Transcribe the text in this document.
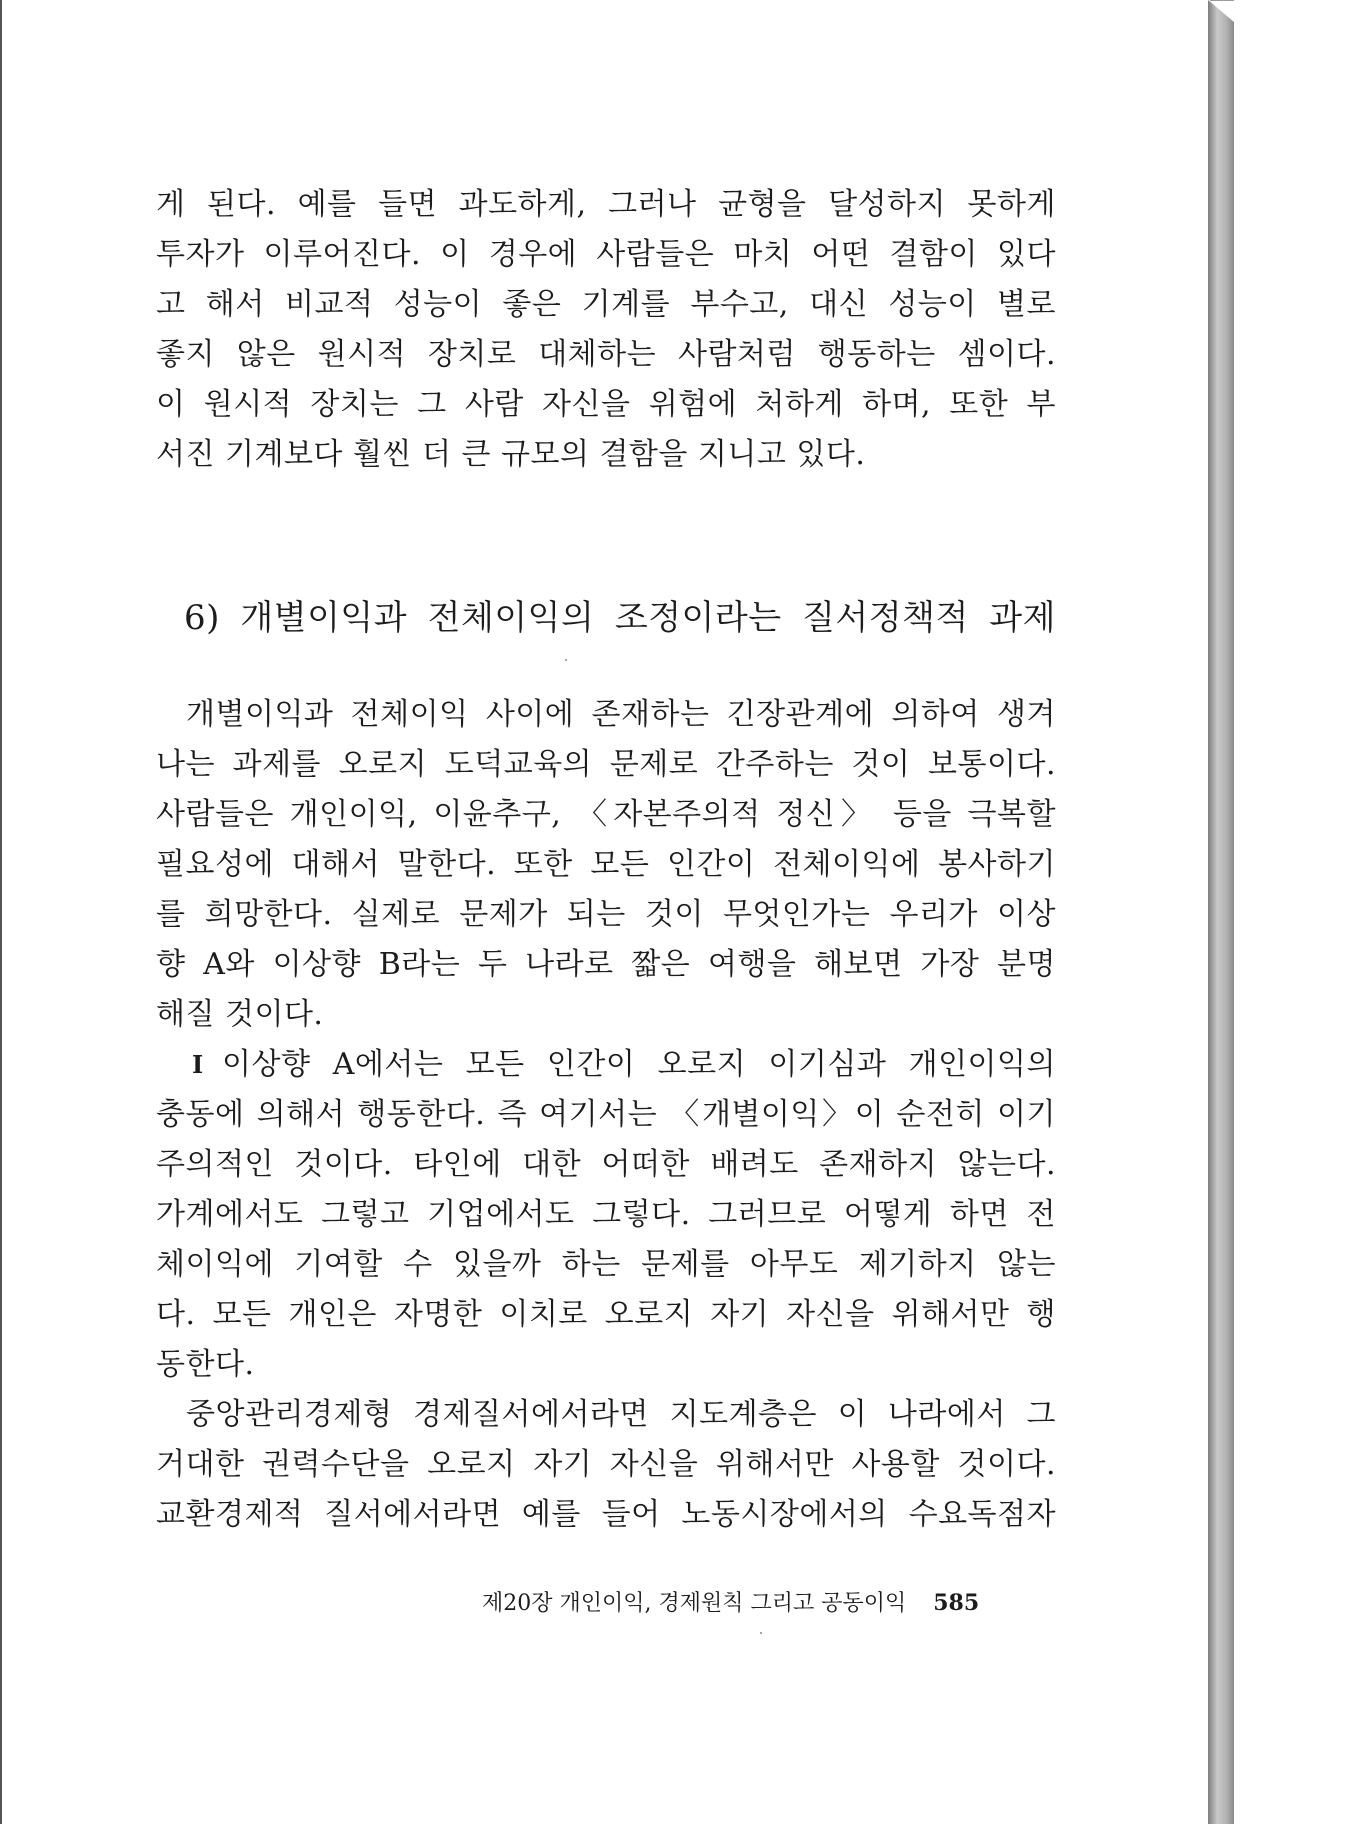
게 된다. 예를 들면 과도하게, 그러나 균형을 달성하지 못하게
투자가 이루어진다. 이 경우에 사람들은 마치 어떤 결함이 있다
고 해서 비교적 성능이 좋은 기계를 부수고, 대신 성능이 별로
좋지 않은 원시적 장치로 대체하는 사람처럼 행동하는 셈이다.
이 원시적 장치는 그 사람 자신을 위험에 처하게 하며, 또한 부
서진 기계보다 훨씬 더 큰 규모의 결함을 지니고 있다.
6) 개별이익과 전체이익의 조정이라는 질서정책적 과제
개별이익과 전체이익 사이에 존재하는 긴장관계에 의하여 생겨
나는 과제를 오로지 도덕교육의 문제로 간주하는 것이 보통이다.
사람들은 개인이익, 이윤추구, 〈자본주의적 정신〉 등을 극복할
필요성에 대해서 말한다. 또한 모든 인간이 전체이익에 봉사하기
를 희망한다. 실제로 문제가 되는 것이 무엇인가는 우리가 이상
향 A와 이상향 B라는 두 나라로 짧은 여행을 해보면 가장 분명
해질 것이다.
I 이상향 A에서는 모든 인간이 오로지 이기심과 개인이익의
충동에 의해서 행동한다. 즉 여기서는 〈개별이익〉이 순전히 이기
주의적인 것이다. 타인에 대한 어떠한 배려도 존재하지 않는다.
가계에서도 그렇고 기업에서도 그렇다. 그러므로 어떻게 하면 전
체이익에 기여할 수 있을까 하는 문제를 아무도 제기하지 않는
다. 모든 개인은 자명한 이치로 오로지 자기 자신을 위해서만 행
동한다.
중앙관리경제형 경제질서에서라면 지도계층은 이 나라에서 그
거대한 권력수단을 오로지 자기 자신을 위해서만 사용할 것이다.
교환경제적 질서에서라면 예를 들어 노동시장에서의 수요독점자
제20장 개인이익, 경제원칙 그리고 공동이익 585
